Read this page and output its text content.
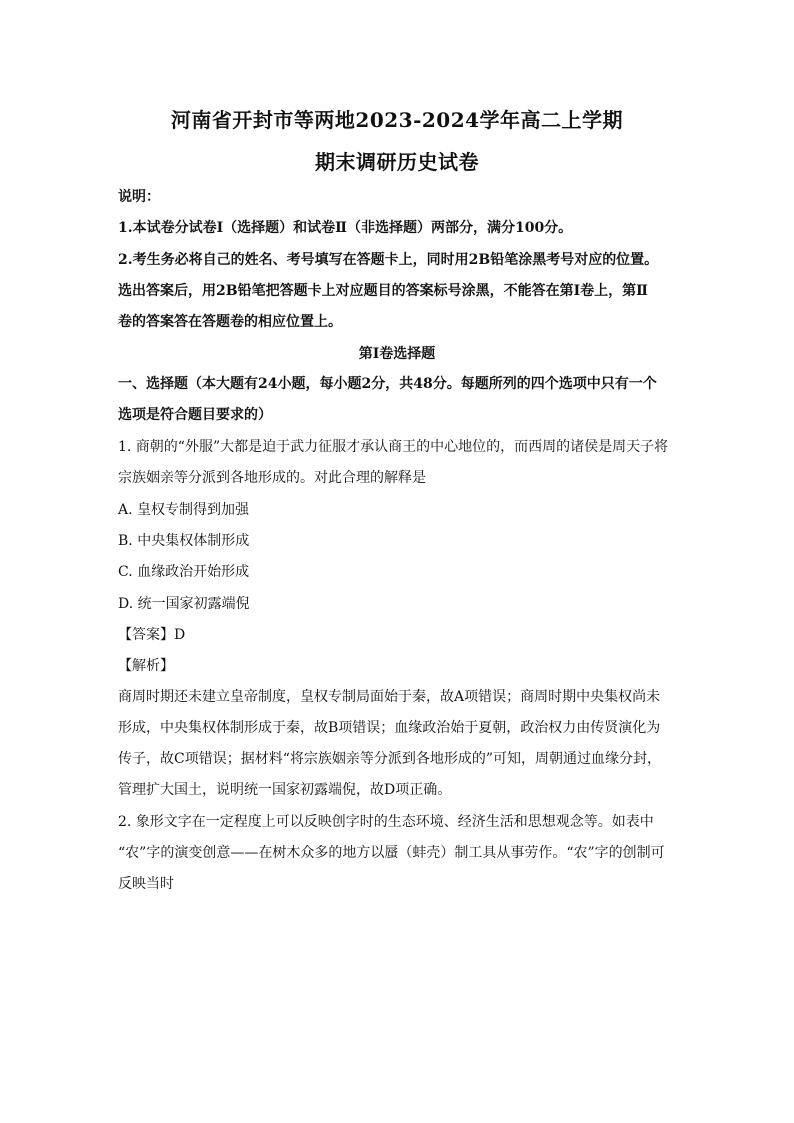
河南省开封市等两地2023-2024学年高二上学期
期末调研历史试卷
说明：
1.本试卷分试卷Ⅰ（选择题）和试卷Ⅱ（非选择题）两部分，满分100分。
2.考生务必将自己的姓名、考号填写在答题卡上，同时用2B铅笔涂黑考号对应的位置。
选出答案后，用2B铅笔把答题卡上对应题目的答案标号涂黑，不能答在第Ⅰ卷上，第Ⅱ
卷的答案答在答题卷的相应位置上。
第Ⅰ卷选择题
一、选择题（本大题有24小题，每小题2分，共48分。每题所列的四个选项中只有一个
选项是符合题目要求的）
1. 商朝的“外服”大都是迫于武力征服才承认商王的中心地位的，而西周的诸侯是周天子将
宗族姻亲等分派到各地形成的。对此合理的解释是
A. 皇权专制得到加强
B. 中央集权体制形成
C. 血缘政治开始形成
D. 统一国家初露端倪
【答案】D
【解析】
商周时期还未建立皇帝制度，皇权专制局面始于秦，故A项错误；商周时期中央集权尚未
形成，中央集权体制形成于秦，故B项错误；血缘政治始于夏朝，政治权力由传贤演化为
传子，故C项错误；据材料“将宗族姻亲等分派到各地形成的”可知，周朝通过血缘分封，
管理扩大国土，说明统一国家初露端倪，故D项正确。
2. 象形文字在一定程度上可以反映创字时的生态环境、经济生活和思想观念等。如表中
“农”字的演变创意——在树木众多的地方以蜃（蚌壳）制工具从事劳作。“农”字的创制可
反映当时
